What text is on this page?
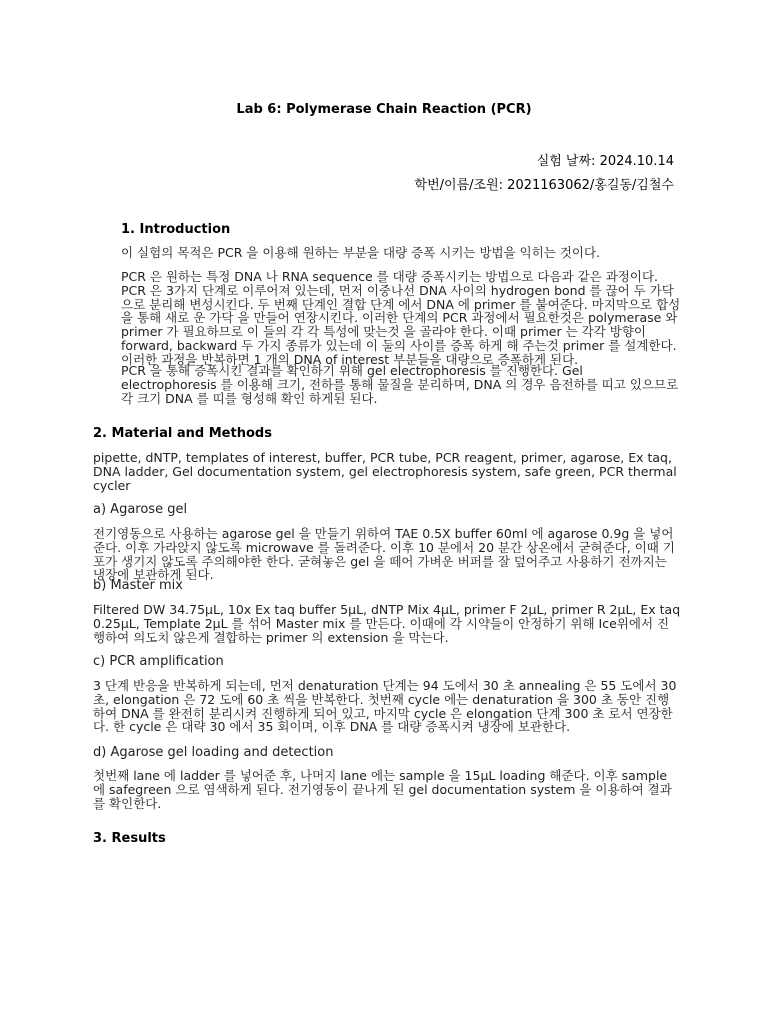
Lab 6: Polymerase Chain Reaction (PCR)
실험 날짜: 2024.10.14
학번/이름/조원: 2021163062/홍길동/김철수
1. Introduction

이 실험의 목적은 PCR 을 이용해 원하는 부분을 대량 증폭 시키는 방법을 익히는 것이다.

PCR 은 원하는 특정 DNA 나 RNA sequence 를 대량 증폭시키는 방법으로 다음과 같은 과정이다. PCR 은 3가지 단계로 이루어져 있는데, 먼저 이중나선 DNA 사이의 hydrogen bond 를 끊어 두 가닥 으로 분리해 변성시킨다. 두 번째 단계인 결합 단계 에서 DNA 에 primer 를 붙여준다. 마지막으로 합성을 통해 새로 운 가닥 을 만들어 연장시킨다. 이러한 단계의 PCR 과정에서 필요한것은 polymerase 와 primer 가 필요하므로 이 들의 각 각 특성에 맞는것 을 골라야 한다. 이때 primer 는 각각 방향이 forward, backward 두 가지 종류가 있는데 이 둘의 사이를 증폭 하게 해 주는것 primer 를 설계한다. 이러한 과정을 반복하면 1 개의 DNA of interest 부분들을 대량으로 증폭하게 된다.

PCR 을 통해 증폭시킨 결과를 확인하기 위해 gel electrophoresis 를 진행한다. Gel electrophoresis 를 이용해 크기, 전하를 통해 물질을 분리하며, DNA 의 경우 음전하를 띠고 있으므로 각 크기 DNA 를 띠를 형성해 확인 하게된 된다.

2. Material and Methods

pipette, dNTP, templates of interest, buffer, PCR tube, PCR reagent, primer, agarose, Ex taq, DNA ladder, Gel documentation system, gel electrophoresis system, safe green, PCR thermal cycler

a) Agarose gel

전기영동으로 사용하는 agarose gel 을 만들기 위하여 TAE 0.5X buffer 60ml 에 agarose 0.9g 을 넣어준다. 이후 가라앉지 않도록 microwave 를 돌려준다. 이후 10 분에서 20 분간 상온에서 굳혀준다, 이때 기포가 생기지 않도록 주의해야한 한다. 굳혀놓은 gel 을 떼어 가벼운 버퍼를 잘 덮어주고 사용하기 전까지는 냉장에 보관하게 된다.

b) Master mix

Filtered DW 34.75µL, 10x Ex taq buffer 5µL, dNTP Mix 4µL, primer F 2µL, primer R 2µL, Ex taq 0.25µL, Template 2µL 를 섞어 Master mix 를 만든다. 이때에 각 시약들이 안정하기 위해 Ice위에서 진행하여 의도치 않은게 결합하는 primer 의 extension 을 막는다.

c) PCR amplification

3 단계 반응을 반복하게 되는데, 먼저 denaturation 단계는 94 도에서 30 초 annealing 은 55 도에서 30 초, elongation 은 72 도에 60 초 씩을 반복한다. 첫번째 cycle 에는 denaturation 을 300 초 동안 진행하여 DNA 를 완전히 분리시켜 진행하게 되어 있고, 마지막 cycle 은 elongation 단계 300 초 로서 연장한다. 한 cycle 은 대략 30 에서 35 회이며, 이후 DNA 를 대량 증폭시켜 냉장에 보관한다.

d) Agarose gel loading and detection

첫번째 lane 에 ladder 를 넣어준 후, 나머지 lane 에는 sample 을 15µL loading 해준다. 이후 sample 에 safegreen 으로 염색하게 된다. 전기영동이 끝나게 된 gel documentation system 을 이용하여 결과를 확인한다.

3. Results
